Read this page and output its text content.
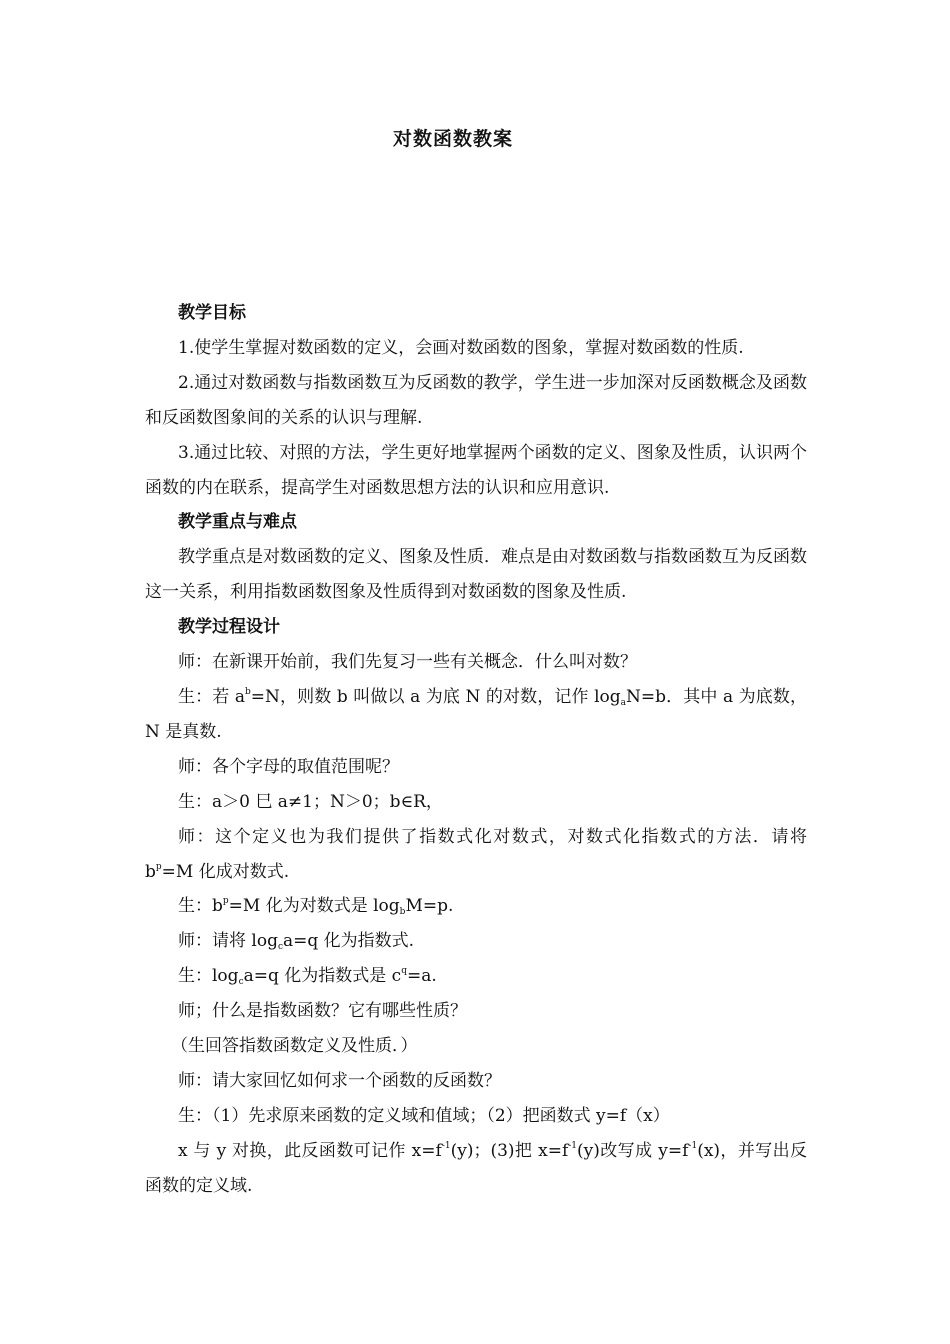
对数函数教案

教学目标

1.使学生掌握对数函数的定义，会画对数函数的图象，掌握对数函数的性质.

2.通过对数函数与指数函数互为反函数的教学，学生进一步加深对反函数概念及函数和反函数图象间的关系的认识与理解.

3.通过比较、对照的方法，学生更好地掌握两个函数的定义、图象及性质，认识两个函数的内在联系，提高学生对函数思想方法的认识和应用意识.

教学重点与难点

教学重点是对数函数的定义、图象及性质．难点是由对数函数与指数函数互为反函数这一关系，利用指数函数图象及性质得到对数函数的图象及性质.

教学过程设计

师：在新课开始前，我们先复习一些有关概念．什么叫对数？

生：若 $a^b=N$，则数 b 叫做以 a 为底 N 的对数，记作 $\log_aN=b$．其中 a 为底数，N 是真数.

师：各个字母的取值范围呢？

生：a＞0 巳 a≠1；N＞0；b∈R，

师：这个定义也为我们提供了指数式化对数式，对数式化指数式的方法．请将 $b^p=M$ 化成对数式.

生：$b^p=M$ 化为对数式是 $\log_bM=p$.

师：请将 $\log_ca=q$ 化为指数式.

生：$\log_ca=q$ 化为指数式是 $c^q=a$.

师；什么是指数函数？它有哪些性质？

（生回答指数函数定义及性质．）

师：请大家回忆如何求一个函数的反函数？

生：（1）先求原来函数的定义域和值域；（2）把函数式 y=f（x）

x 与 y 对换，此反函数可记作 $x=f^{-1}(y)$；(3)把 $x=f^{-1}(y)$改写成 $y=f^{-1}(x)$，并写出反函数的定义域.
